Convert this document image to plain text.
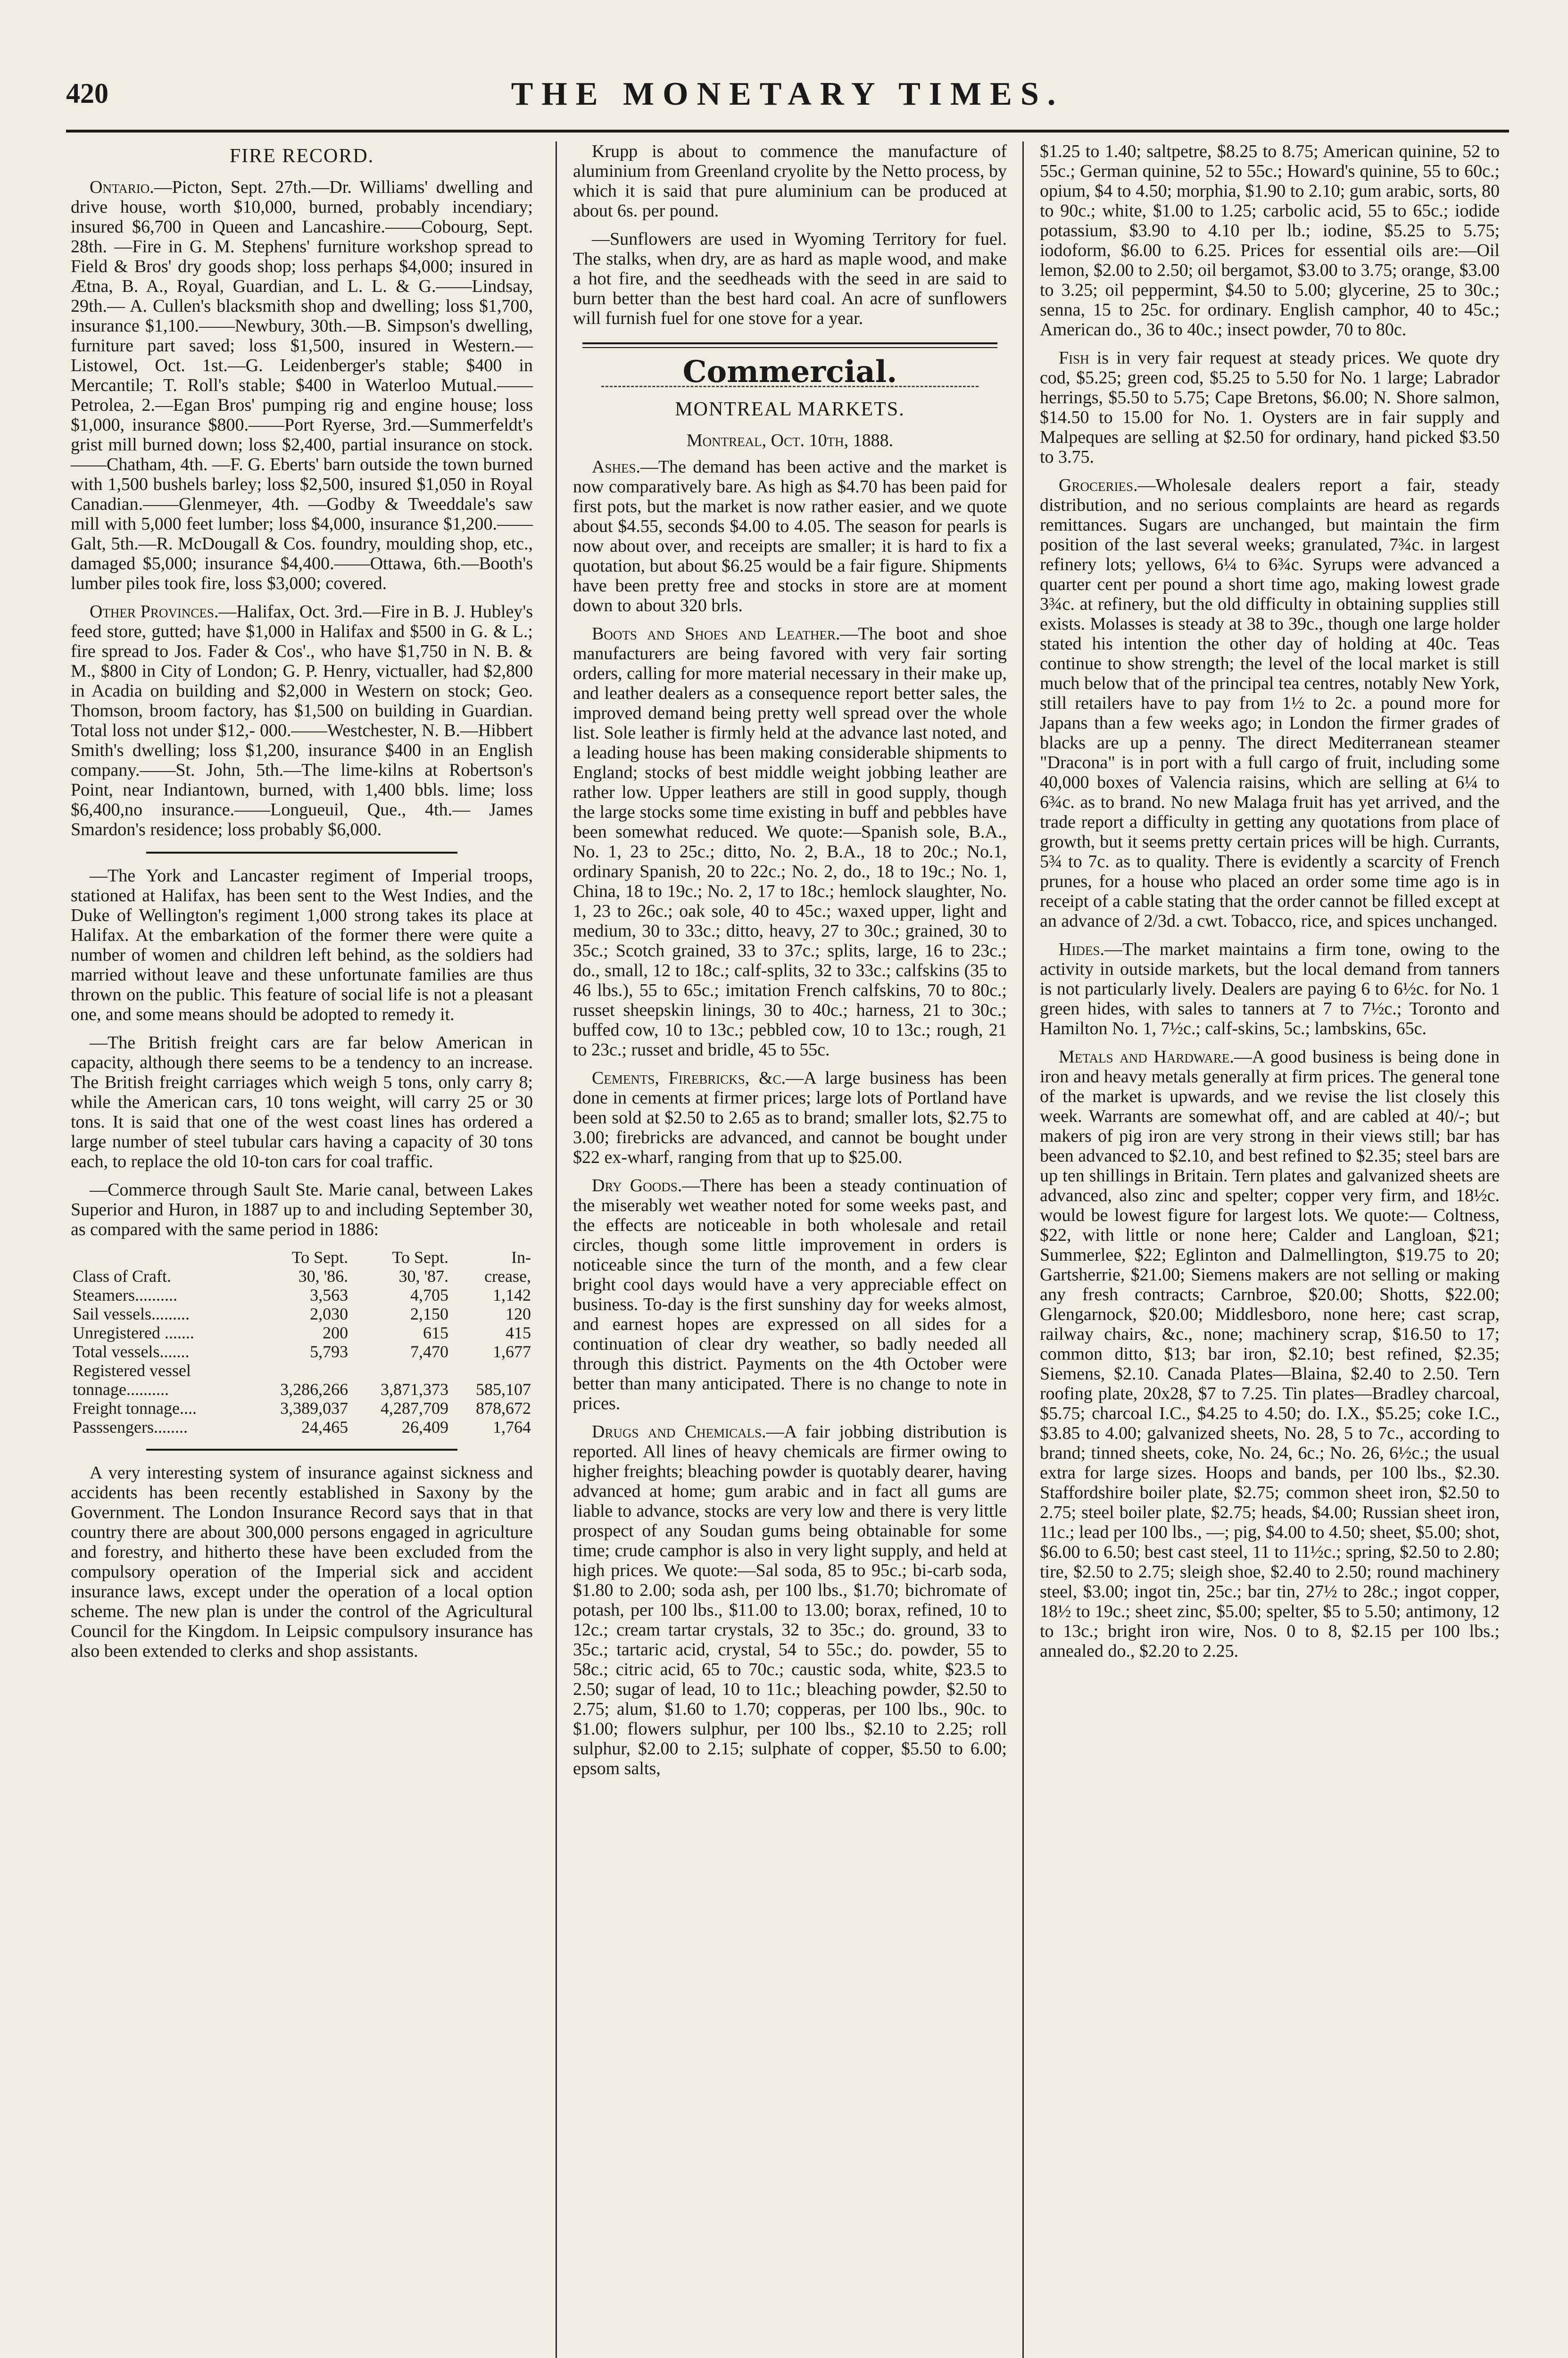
420	THE MONETARY TIMES.
FIRE RECORD.

Ontario.—Picton, Sept. 27th.—Dr. Williams' dwelling and drive house, worth $10,000, burned, probably incendiary; insured $6,700 in Queen and Lancashire.——Cobourg, Sept. 28th. —Fire in G. M. Stephens' furniture workshop spread to Field & Bros' dry goods shop; loss perhaps $4,000; insured in Ætna, B. A., Royal, Guardian, and L. L. & G.——Lindsay, 29th.— A. Cullen's blacksmith shop and dwelling; loss $1,700, insurance $1,100.——Newbury, 30th.—B. Simpson's dwelling, furniture part saved; loss $1,500, insured in Western.— Listowel, Oct. 1st.—G. Leidenberger's stable; $400 in Mercantile; T. Roll's stable; $400 in Waterloo Mutual.——Petrolea, 2.—Egan Bros' pumping rig and engine house; loss $1,000, insurance $800.——Port Ryerse, 3rd.—Summerfeldt's grist mill burned down; loss $2,400, partial insurance on stock.——Chatham, 4th. —F. G. Eberts' barn outside the town burned with 1,500 bushels barley; loss $2,500, insured $1,050 in Royal Canadian.——Glenmeyer, 4th. —Godby & Tweeddale's saw mill with 5,000 feet lumber; loss $4,000, insurance $1,200.—— Galt, 5th.—R. McDougall & Cos. foundry, moulding shop, etc., damaged $5,000; insurance $4,400.——Ottawa, 6th.—Booth's lumber piles took fire, loss $3,000; covered.

Other Provinces.—Halifax, Oct. 3rd.—Fire in B. J. Hubley's feed store, gutted; have $1,000 in Halifax and $500 in G. & L.; fire spread to Jos. Fader & Cos'., who have $1,750 in N. B. & M., $800 in City of London; G. P. Henry, victualler, had $2,800 in Acadia on building and $2,000 in Western on stock; Geo. Thomson, broom factory, has $1,500 on building in Guardian. Total loss not under $12,- 000.——Westchester, N. B.—Hibbert Smith's dwelling; loss $1,200, insurance $400 in an English company.——St. John, 5th.—The lime-kilns at Robertson's Point, near Indiantown, burned, with 1,400 bbls. lime; loss $6,400,no insurance.——Longueuil, Que., 4th.— James Smardon's residence; loss probably $6,000.

—The York and Lancaster regiment of Imperial troops, stationed at Halifax, has been sent to the West Indies, and the Duke of Wellington's regiment 1,000 strong takes its place at Halifax. At the embarkation of the former there were quite a number of women and children left behind, as the soldiers had married without leave and these unfortunate families are thus thrown on the public. This feature of social life is not a pleasant one, and some means should be adopted to remedy it.

—The British freight cars are far below American in capacity, although there seems to be a tendency to an increase. The British freight carriages which weigh 5 tons, only carry 8; while the American cars, 10 tons weight, will carry 25 or 30 tons. It is said that one of the west coast lines has ordered a large number of steel tubular cars having a capacity of 30 tons each, to replace the old 10-ton cars for coal traffic.

—Commerce through Sault Ste. Marie canal, between Lakes Superior and Huron, in 1887 up to and including September 30, as compared with the same period in 1886:

	To Sept.	To Sept.	In-
Class of Craft.	30, '86.	30, '87.	crease,
Steamers..........	3,563	4,705	1,142
Sail vessels.........	2,030	2,150	120
Unregistered .......	200	615	415
Total vessels.......	5,793	7,470	1,677
Registered vessel			
tonnage..........	3,286,266	3,871,373	585,107
Freight tonnage....	3,389,037	4,287,709	878,672
Passsengers........	24,465	26,409	1,764

A very interesting system of insurance against sickness and accidents has been recently established in Saxony by the Government. The London Insurance Record says that in that country there are about 300,000 persons engaged in agriculture and forestry, and hitherto these have been excluded from the compulsory operation of the Imperial sick and accident insurance laws, except under the operation of a local option scheme. The new plan is under the control of the Agricultural Council for the Kingdom. In Leipsic compulsory insurance has also been extended to clerks and shop assistants.

Krupp is about to commence the manufacture of aluminium from Greenland cryolite by the Netto process, by which it is said that pure aluminium can be produced at about 6s. per pound.

—Sunflowers are used in Wyoming Territory for fuel. The stalks, when dry, are as hard as maple wood, and make a hot fire, and the seedheads with the seed in are said to burn better than the best hard coal. An acre of sunflowers will furnish fuel for one stove for a year.

Commercial.
MONTREAL MARKETS.
Montreal, Oct. 10th, 1888.

Ashes.—The demand has been active and the market is now comparatively bare. As high as $4.70 has been paid for first pots, but the market is now rather easier, and we quote about $4.55, seconds $4.00 to 4.05. The season for pearls is now about over, and receipts are smaller; it is hard to fix a quotation, but about $6.25 would be a fair figure. Shipments have been pretty free and stocks in store are at moment down to about 320 brls.

Boots and Shoes and Leather.—The boot and shoe manufacturers are being favored with very fair sorting orders, calling for more material necessary in their make up, and leather dealers as a consequence report better sales, the improved demand being pretty well spread over the whole list. Sole leather is firmly held at the advance last noted, and a leading house has been making considerable shipments to England; stocks of best middle weight jobbing leather are rather low. Upper leathers are still in good supply, though the large stocks some time existing in buff and pebbles have been somewhat reduced. We quote:—Spanish sole, B.A., No. 1, 23 to 25c.; ditto, No. 2, B.A., 18 to 20c.; No.1, ordinary Spanish, 20 to 22c.; No. 2, do., 18 to 19c.; No. 1, China, 18 to 19c.; No. 2, 17 to 18c.; hemlock slaughter, No. 1, 23 to 26c.; oak sole, 40 to 45c.; waxed upper, light and medium, 30 to 33c.; ditto, heavy, 27 to 30c.; grained, 30 to 35c.; Scotch grained, 33 to 37c.; splits, large, 16 to 23c.; do., small, 12 to 18c.; calf-splits, 32 to 33c.; calfskins (35 to 46 lbs.), 55 to 65c.; imitation French calfskins, 70 to 80c.; russet sheepskin linings, 30 to 40c.; harness, 21 to 30c.; buffed cow, 10 to 13c.; pebbled cow, 10 to 13c.; rough, 21 to 23c.; russet and bridle, 45 to 55c.

Cements, Firebricks, &c.—A large business has been done in cements at firmer prices; large lots of Portland have been sold at $2.50 to 2.65 as to brand; smaller lots, $2.75 to 3.00; firebricks are advanced, and cannot be bought under $22 ex-wharf, ranging from that up to $25.00.

Dry Goods.—There has been a steady continuation of the miserably wet weather noted for some weeks past, and the effects are noticeable in both wholesale and retail circles, though some little improvement in orders is noticeable since the turn of the month, and a few clear bright cool days would have a very appreciable effect on business. To-day is the first sunshiny day for weeks almost, and earnest hopes are expressed on all sides for a continuation of clear dry weather, so badly needed all through this district. Payments on the 4th October were better than many anticipated. There is no change to note in prices.

Drugs and Chemicals.—A fair jobbing distribution is reported. All lines of heavy chemicals are firmer owing to higher freights; bleaching powder is quotably dearer, having advanced at home; gum arabic and in fact all gums are liable to advance, stocks are very low and there is very little prospect of any Soudan gums being obtainable for some time; crude camphor is also in very light supply, and held at high prices. We quote:—Sal soda, 85 to 95c.; bi-carb soda, $1.80 to 2.00; soda ash, per 100 lbs., $1.70; bichromate of potash, per 100 lbs., $11.00 to 13.00; borax, refined, 10 to 12c.; cream tartar crystals, 32 to 35c.; do. ground, 33 to 35c.; tartaric acid, crystal, 54 to 55c.; do. powder, 55 to 58c.; citric acid, 65 to 70c.; caustic soda, white, $23.5 to 2.50; sugar of lead, 10 to 11c.; bleaching powder, $2.50 to 2.75; alum, $1.60 to 1.70; copperas, per 100 lbs., 90c. to $1.00; flowers sulphur, per 100 lbs., $2.10 to 2.25; roll sulphur, $2.00 to 2.15; sulphate of copper, $5.50 to 6.00; epsom salts,

$1.25 to 1.40; saltpetre, $8.25 to 8.75; American quinine, 52 to 55c.; German quinine, 52 to 55c.; Howard's quinine, 55 to 60c.; opium, $4 to 4.50; morphia, $1.90 to 2.10; gum arabic, sorts, 80 to 90c.; white, $1.00 to 1.25; carbolic acid, 55 to 65c.; iodide potassium, $3.90 to 4.10 per lb.; iodine, $5.25 to 5.75; iodoform, $6.00 to 6.25. Prices for essential oils are:—Oil lemon, $2.00 to 2.50; oil bergamot, $3.00 to 3.75; orange, $3.00 to 3.25; oil peppermint, $4.50 to 5.00; glycerine, 25 to 30c.; senna, 15 to 25c. for ordinary. English camphor, 40 to 45c.; American do., 36 to 40c.; insect powder, 70 to 80c.

Fish is in very fair request at steady prices. We quote dry cod, $5.25; green cod, $5.25 to 5.50 for No. 1 large; Labrador herrings, $5.50 to 5.75; Cape Bretons, $6.00; N. Shore salmon, $14.50 to 15.00 for No. 1. Oysters are in fair supply and Malpeques are selling at $2.50 for ordinary, hand picked $3.50 to 3.75.

Groceries.—Wholesale dealers report a fair, steady distribution, and no serious complaints are heard as regards remittances. Sugars are unchanged, but maintain the firm position of the last several weeks; granulated, 7¾c. in largest refinery lots; yellows, 6¼ to 6¾c. Syrups were advanced a quarter cent per pound a short time ago, making lowest grade 3¾c. at refinery, but the old difficulty in obtaining supplies still exists. Molasses is steady at 38 to 39c., though one large holder stated his intention the other day of holding at 40c. Teas continue to show strength; the level of the local market is still much below that of the principal tea centres, notably New York, still retailers have to pay from 1½ to 2c. a pound more for Japans than a few weeks ago; in London the firmer grades of blacks are up a penny. The direct Mediterranean steamer "Dracona" is in port with a full cargo of fruit, including some 40,000 boxes of Valencia raisins, which are selling at 6¼ to 6¾c. as to brand. No new Malaga fruit has yet arrived, and the trade report a difficulty in getting any quotations from place of growth, but it seems pretty certain prices will be high. Currants, 5¾ to 7c. as to quality. There is evidently a scarcity of French prunes, for a house who placed an order some time ago is in receipt of a cable stating that the order cannot be filled except at an advance of 2/3d. a cwt. Tobacco, rice, and spices unchanged.

Hides.—The market maintains a firm tone, owing to the activity in outside markets, but the local demand from tanners is not particularly lively. Dealers are paying 6 to 6½c. for No. 1 green hides, with sales to tanners at 7 to 7½c.; Toronto and Hamilton No. 1, 7½c.; calf-skins, 5c.; lambskins, 65c.

Metals and Hardware.—A good business is being done in iron and heavy metals generally at firm prices. The general tone of the market is upwards, and we revise the list closely this week. Warrants are somewhat off, and are cabled at 40/-; but makers of pig iron are very strong in their views still; bar has been advanced to $2.10, and best refined to $2.35; steel bars are up ten shillings in Britain. Tern plates and galvanized sheets are advanced, also zinc and spelter; copper very firm, and 18½c. would be lowest figure for largest lots. We quote:— Coltness, $22, with little or none here; Calder and Langloan, $21; Summerlee, $22; Eglinton and Dalmellington, $19.75 to 20; Gartsherrie, $21.00; Siemens makers are not selling or making any fresh contracts; Carnbroe, $20.00; Shotts, $22.00; Glengarnock, $20.00; Middlesboro, none here; cast scrap, railway chairs, &c., none; machinery scrap, $16.50 to 17; common ditto, $13; bar iron, $2.10; best refined, $2.35; Siemens, $2.10. Canada Plates—Blaina, $2.40 to 2.50. Tern roofing plate, 20x28, $7 to 7.25. Tin plates—Bradley charcoal, $5.75; charcoal I.C., $4.25 to 4.50; do. I.X., $5.25; coke I.C., $3.85 to 4.00; galvanized sheets, No. 28, 5 to 7c., according to brand; tinned sheets, coke, No. 24, 6c.; No. 26, 6½c.; the usual extra for large sizes. Hoops and bands, per 100 lbs., $2.30. Staffordshire boiler plate, $2.75; common sheet iron, $2.50 to 2.75; steel boiler plate, $2.75; heads, $4.00; Russian sheet iron, 11c.; lead per 100 lbs., —; pig, $4.00 to 4.50; sheet, $5.00; shot, $6.00 to 6.50; best cast steel, 11 to 11½c.; spring, $2.50 to 2.80; tire, $2.50 to 2.75; sleigh shoe, $2.40 to 2.50; round machinery steel, $3.00; ingot tin, 25c.; bar tin, 27½ to 28c.; ingot copper, 18½ to 19c.; sheet zinc, $5.00; spelter, $5 to 5.50; antimony, 12 to 13c.; bright iron wire, Nos. 0 to 8, $2.15 per 100 lbs.; annealed do., $2.20 to 2.25.
